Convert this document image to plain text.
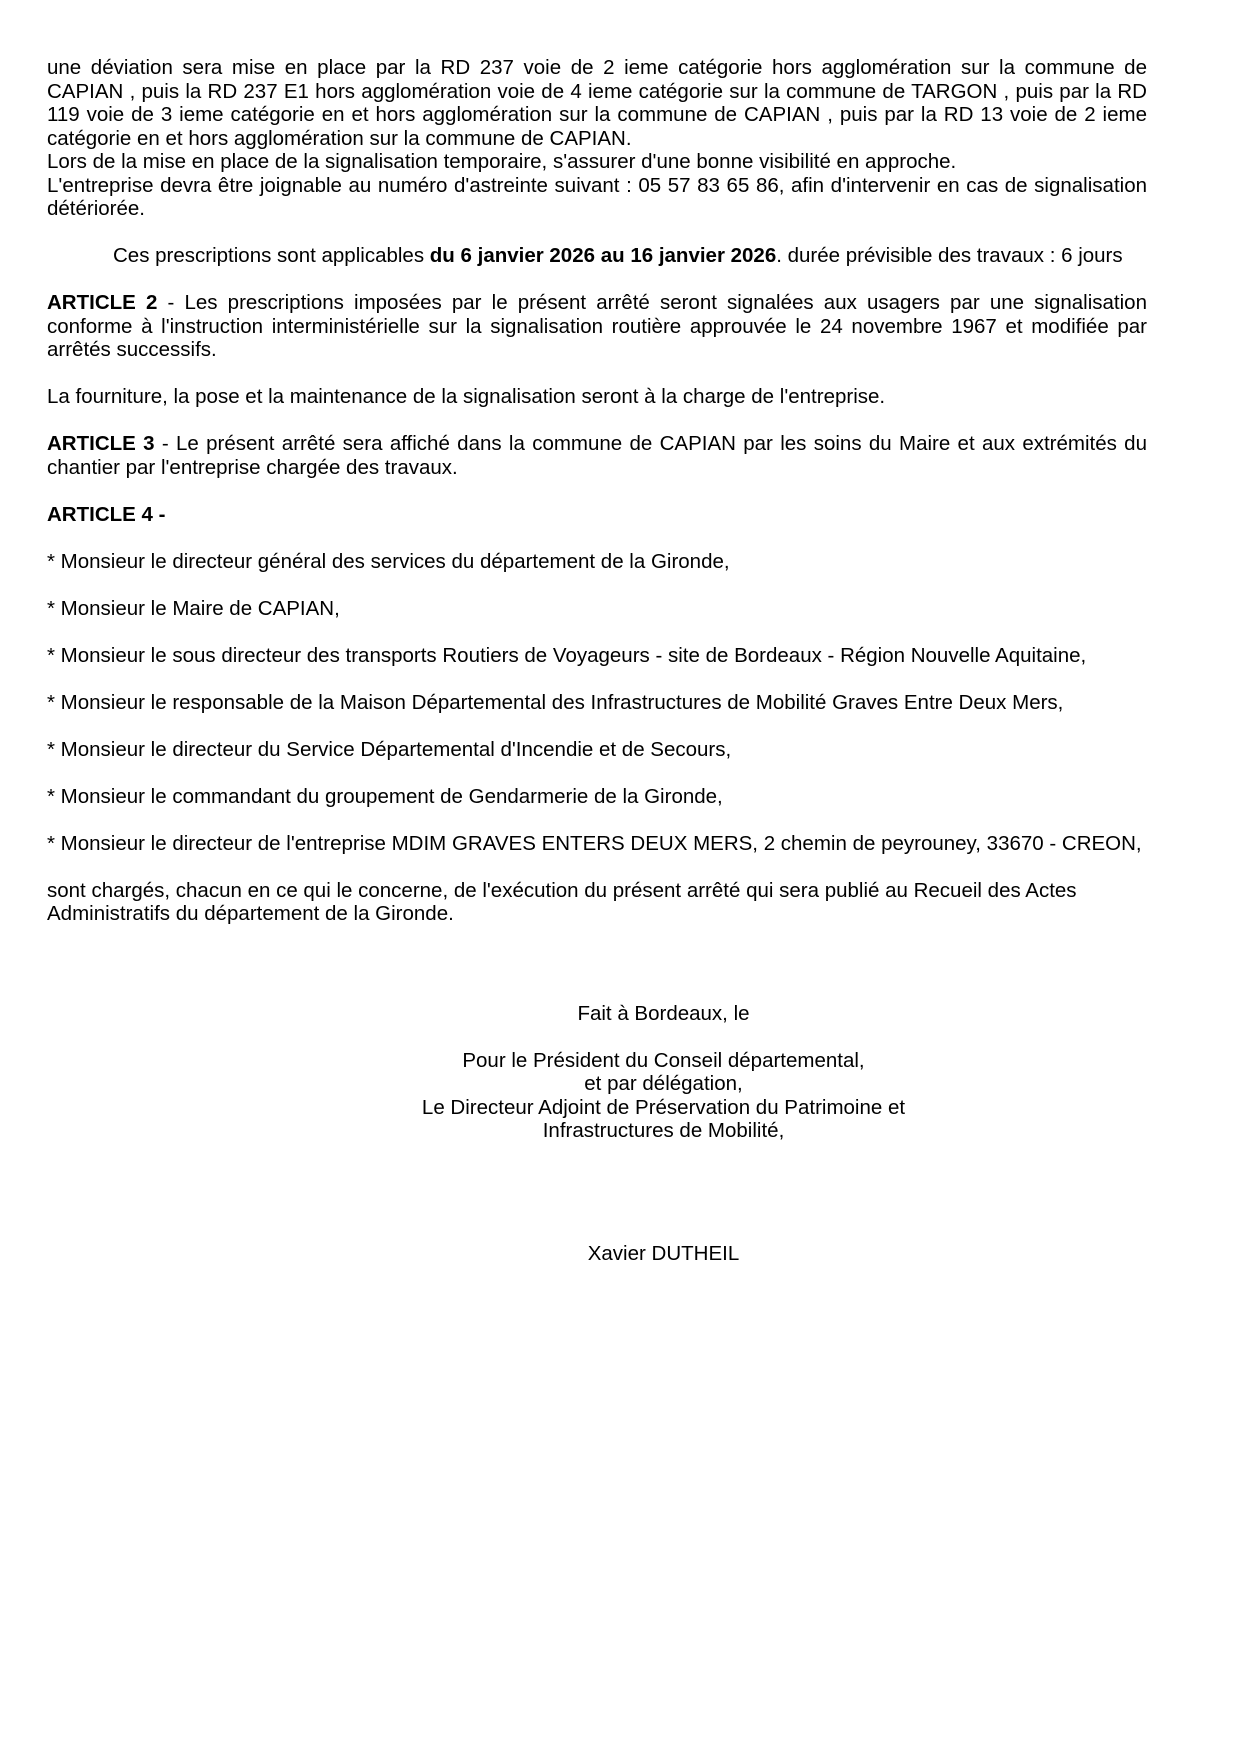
une déviation sera mise en place par la RD 237 voie de 2 ieme catégorie hors agglomération sur la commune de CAPIAN , puis la RD 237 E1 hors agglomération voie de 4 ieme catégorie sur la commune de TARGON , puis par la RD 119 voie de 3 ieme catégorie en et hors agglomération sur la commune de CAPIAN , puis par la RD 13 voie de 2 ieme catégorie en et hors agglomération sur la commune de CAPIAN.

Lors de la mise en place de la signalisation temporaire, s'assurer d'une bonne visibilité en approche.

L'entreprise devra être joignable au numéro d'astreinte suivant : 05 57 83 65 86, afin d'intervenir en cas de signalisation détériorée.

Ces prescriptions sont applicables du 6 janvier 2026 au 16 janvier 2026. durée prévisible des travaux : 6 jours

ARTICLE 2 - Les prescriptions imposées par le présent arrêté seront signalées aux usagers par une signalisation conforme à l'instruction interministérielle sur la signalisation routière approuvée le 24 novembre 1967 et modifiée par arrêtés successifs.

La fourniture, la pose et la maintenance de la signalisation seront à la charge de l'entreprise.

ARTICLE 3 - Le présent arrêté sera affiché dans la commune de CAPIAN par les soins du Maire et aux extrémités du chantier par l'entreprise chargée des travaux.

ARTICLE 4 -

* Monsieur le directeur général des services du département de la Gironde,

* Monsieur le Maire de CAPIAN,

* Monsieur le sous directeur des transports Routiers de Voyageurs - site de Bordeaux - Région Nouvelle Aquitaine,

* Monsieur le responsable de la Maison Départemental des Infrastructures de Mobilité Graves Entre Deux Mers,

* Monsieur le directeur du Service Départemental d'Incendie et de Secours,

* Monsieur le commandant du groupement de Gendarmerie de la Gironde,

* Monsieur le directeur de l'entreprise MDIM GRAVES ENTERS DEUX MERS, 2 chemin de peyrouney, 33670 - CREON,

sont chargés, chacun en ce qui le concerne, de l'exécution du présent arrêté qui sera publié au Recueil des Actes Administratifs du département de la Gironde.

Fait à Bordeaux, le

Pour le Président du Conseil départemental,

et par délégation,

Le Directeur Adjoint de Préservation du Patrimoine et

Infrastructures de Mobilité,

Xavier DUTHEIL
